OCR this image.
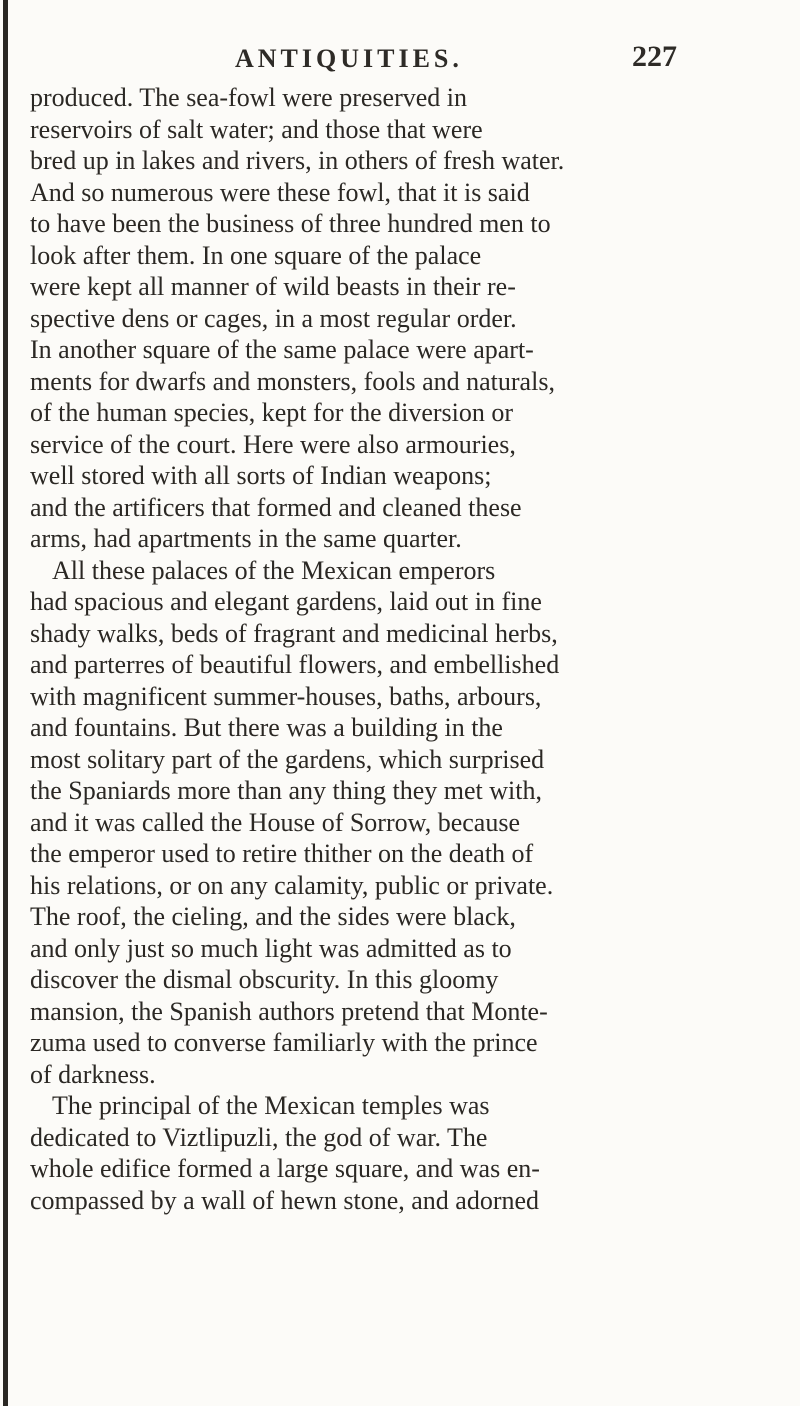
ANTIQUITIES.	227
produced. The sea-fowl were preserved in
reservoirs of salt water; and those that were
bred up in lakes and rivers, in others of fresh water.
And so numerous were these fowl, that it is said
to have been the business of three hundred men to
look after them. In one square of the palace
were kept all manner of wild beasts in their re-
spective dens or cages, in a most regular order.
In another square of the same palace were apart-
ments for dwarfs and monsters, fools and naturals,
of the human species, kept for the diversion or
service of the court. Here were also armouries,
well stored with all sorts of Indian weapons;
and the artificers that formed and cleaned these
arms, had apartments in the same quarter.
All these palaces of the Mexican emperors
had spacious and elegant gardens, laid out in fine
shady walks, beds of fragrant and medicinal herbs,
and parterres of beautiful flowers, and embellished
with magnificent summer-houses, baths, arbours,
and fountains. But there was a building in the
most solitary part of the gardens, which surprised
the Spaniards more than any thing they met with,
and it was called the House of Sorrow, because
the emperor used to retire thither on the death of
his relations, or on any calamity, public or private.
The roof, the cieling, and the sides were black,
and only just so much light was admitted as to
discover the dismal obscurity. In this gloomy
mansion, the Spanish authors pretend that Monte-
zuma used to converse familiarly with the prince
of darkness.
The principal of the Mexican temples was
dedicated to Viztlipuzli, the god of war. The
whole edifice formed a large square, and was en-
compassed by a wall of hewn stone, and adorned
